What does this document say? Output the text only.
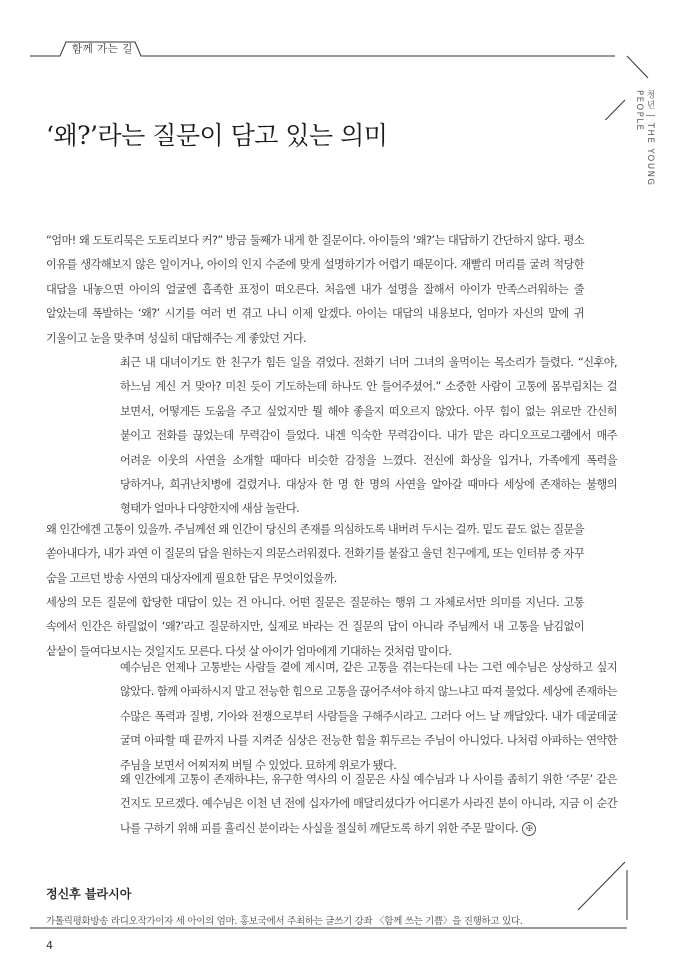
함께 가는 길
청년 | THE YOUNG PEOPLE
‘왜?’라는 질문이 담고 있는 의미
“엄마! 왜 도토리묵은 도토리보다 커?” 방금 둘째가 내게 한 질문이다. 아이들의 ‘왜?’는 대답하기 간단하지 않다. 평소 이유를 생각해보지 않은 일이거나, 아이의 인지 수준에 맞게 설명하기가 어렵기 때문이다. 재빨리 머리를 굴려 적당한 대답을 내놓으면 아이의 얼굴엔 흡족한 표정이 떠오른다. 처음엔 내가 설명을 잘해서 아이가 만족스러워하는 줄 알았는데 폭발하는 ‘왜?’ 시기를 여러 번 겪고 나니 이제 알겠다. 아이는 대답의 내용보다, 엄마가 자신의 말에 귀 기울이고 눈을 맞추며 성실히 대답해주는 게 좋았던 거다.
최근 내 대녀이기도 한 친구가 힘든 일을 겪었다. 전화기 너머 그녀의 울먹이는 목소리가 들렸다. “신후야, 하느님 계신 거 맞아? 미친 듯이 기도하는데 하나도 안 들어주셨어.” 소중한 사람이 고통에 몸부림치는 걸 보면서, 어떻게든 도움을 주고 싶었지만 뭘 해야 좋을지 떠오르지 않았다. 아무 힘이 없는 위로만 간신히 붙이고 전화를 끊었는데 무력감이 들었다. 내겐 익숙한 무력감이다. 내가 맡은 라디오프로그램에서 매주 어려운 이웃의 사연을 소개할 때마다 비슷한 감정을 느꼈다. 전신에 화상을 입거나, 가족에게 폭력을 당하거나, 희귀난치병에 걸렸거나. 대상자 한 명 한 명의 사연을 알아갈 때마다 세상에 존재하는 불행의 형태가 얼마나 다양한지에 새삼 놀란다.
왜 인간에겐 고통이 있을까. 주님께선 왜 인간이 당신의 존재를 의심하도록 내버려 두시는 걸까. 밑도 끝도 없는 질문을 쏟아내다가, 내가 과연 이 질문의 답을 원하는지 의문스러워졌다. 전화기를 붙잡고 울던 친구에게, 또는 인터뷰 중 자꾸 숨을 고르던 방송 사연의 대상자에게 필요한 답은 무엇이었을까.
세상의 모든 질문에 합당한 대답이 있는 건 아니다. 어떤 질문은 질문하는 행위 그 자체로서만 의미를 지닌다. 고통 속에서 인간은 하릴없이 ‘왜?’라고 질문하지만, 실제로 바라는 건 질문의 답이 아니라 주님께서 내 고통을 남김없이 샅샅이 들여다보시는 것일지도 모른다. 다섯 살 아이가 엄마에게 기대하는 것처럼 말이다.
예수님은 언제나 고통받는 사람들 곁에 계시며, 같은 고통을 겪는다는데 나는 그런 예수님은 상상하고 싶지 않았다. 함께 아파하시지 말고 전능한 힘으로 고통을 끊어주셔야 하지 않느냐고 따져 물었다. 세상에 존재하는 수많은 폭력과 질병, 기아와 전쟁으로부터 사람들을 구해주시라고. 그러다 어느 날 깨달았다. 내가 데굴데굴 굴며 아파할 때 끝까지 나를 지켜준 심상은 전능한 힘을 휘두르는 주님이 아니었다. 나처럼 아파하는 연약한 주님을 보면서 어찌저찌 버틸 수 있었다. 묘하게 위로가 됐다.
왜 인간에게 고통이 존재하냐는, 유구한 역사의 이 질문은 사실 예수님과 나 사이를 좁히기 위한 ‘주문’ 같은 건지도 모르겠다. 예수님은 이천 년 전에 십자가에 매달리셨다가 어디론가 사라진 분이 아니라, 지금 이 순간 나를 구하기 위해 피를 흘리신 분이라는 사실을 절실히 깨닫도록 하기 위한 주문 말이다. ✠
정신후 블라시아
가톨릭평화방송 라디오작가이자 세 아이의 엄마. 홍보국에서 주최하는 글쓰기 강좌 〈함께 쓰는 기쁨〉을 진행하고 있다.
4
